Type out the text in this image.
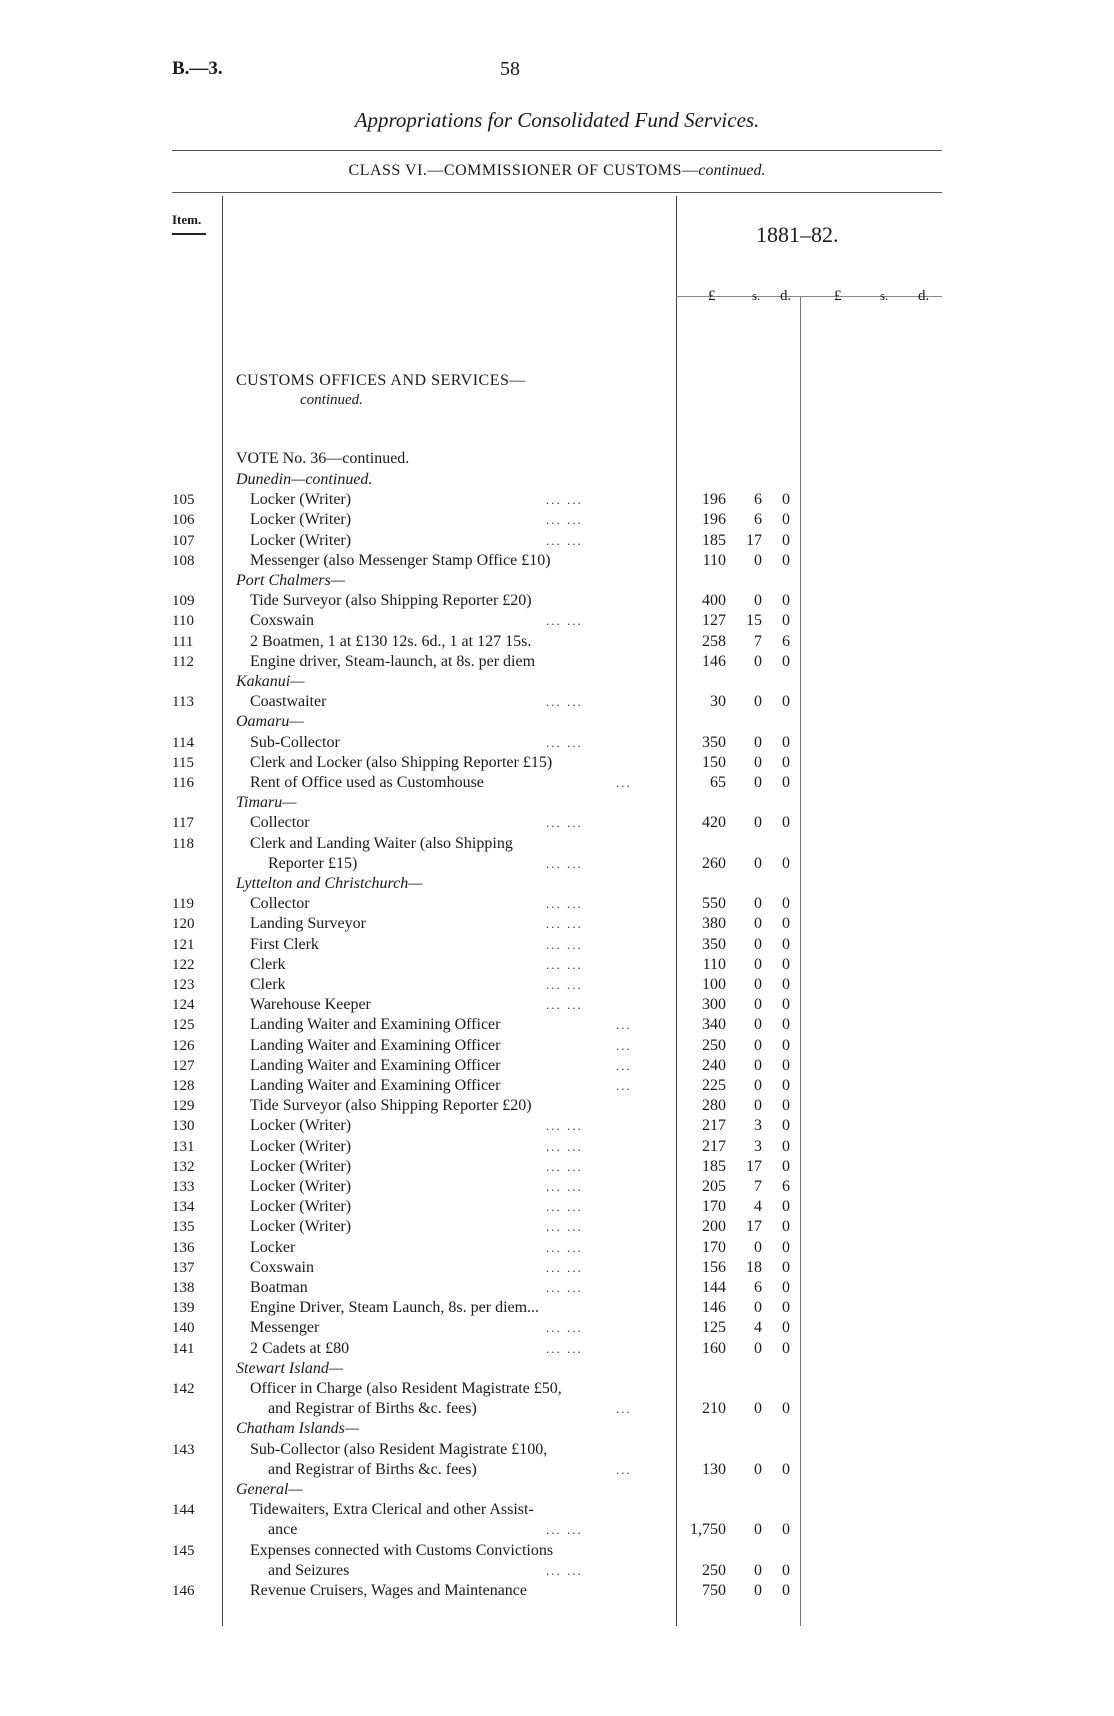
B.—3.	58
Appropriations for Consolidated Fund Services.
CLASS VI.—COMMISSIONER OF CUSTOMS—continued.
Item.
1881–82.
£	s. d.	£	s. d.
CUSTOMS OFFICES AND SERVICES—
continued.
VOTE No. 36—continued.
Dunedin—continued.
105	Locker (Writer)	... ...	196	6	0
106	Locker (Writer)	... ...	196	6	0
107	Locker (Writer)	... ...	185	17	0
108	Messenger (also Messenger Stamp Office £10)	110	0	0
Port Chalmers—
109	Tide Surveyor (also Shipping Reporter £20)	400	0	0
110	Coxswain	... ...	127	15	0
111	2 Boatmen, 1 at £130 12s. 6d., 1 at 127 15s.	258	7	6
112	Engine driver, Steam-launch, at 8s. per diem	146	0	0
Kakanui—
113	Coastwaiter	... ...	30	0	0
Oamaru—
114	Sub-Collector	... ...	350	0	0
115	Clerk and Locker (also Shipping Reporter £15)	150	0	0
116	Rent of Office used as Customhouse	...	65	0	0
Timaru—
117	Collector	... ...	420	0	0
118	Clerk and Landing Waiter (also Shipping
Reporter £15)	... ...	260	0	0
Lyttelton and Christchurch—
119	Collector	... ...	550	0	0
120	Landing Surveyor	... ...	380	0	0
121	First Clerk	... ...	350	0	0
122	Clerk	... ...	110	0	0
123	Clerk	... ...	100	0	0
124	Warehouse Keeper	... ...	300	0	0
125	Landing Waiter and Examining Officer	...	340	0	0
126	Landing Waiter and Examining Officer	...	250	0	0
127	Landing Waiter and Examining Officer	...	240	0	0
128	Landing Waiter and Examining Officer	...	225	0	0
129	Tide Surveyor (also Shipping Reporter £20)	280	0	0
130	Locker (Writer)	... ...	217	3	0
131	Locker (Writer)	... ...	217	3	0
132	Locker (Writer)	... ...	185	17	0
133	Locker (Writer)	... ...	205	7	6
134	Locker (Writer)	... ...	170	4	0
135	Locker (Writer)	... ...	200	17	0
136	Locker	... ...	170	0	0
137	Coxswain	... ...	156	18	0
138	Boatman	... ...	144	6	0
139	Engine Driver, Steam Launch, 8s. per diem...	146	0	0
140	Messenger	... ...	125	4	0
141	2 Cadets at £80	... ...	160	0	0
Stewart Island—
142	Officer in Charge (also Resident Magistrate £50,
and Registrar of Births &c. fees)	...	210	0	0
Chatham Islands—
143	Sub-Collector (also Resident Magistrate £100,
and Registrar of Births &c. fees)	...	130	0	0
General—
144	Tidewaiters, Extra Clerical and other Assist-
ance	... ...	1,750	0	0
145	Expenses connected with Customs Convictions
and Seizures	... ...	250	0	0
146	Revenue Cruisers, Wages and Maintenance	750	0	0
